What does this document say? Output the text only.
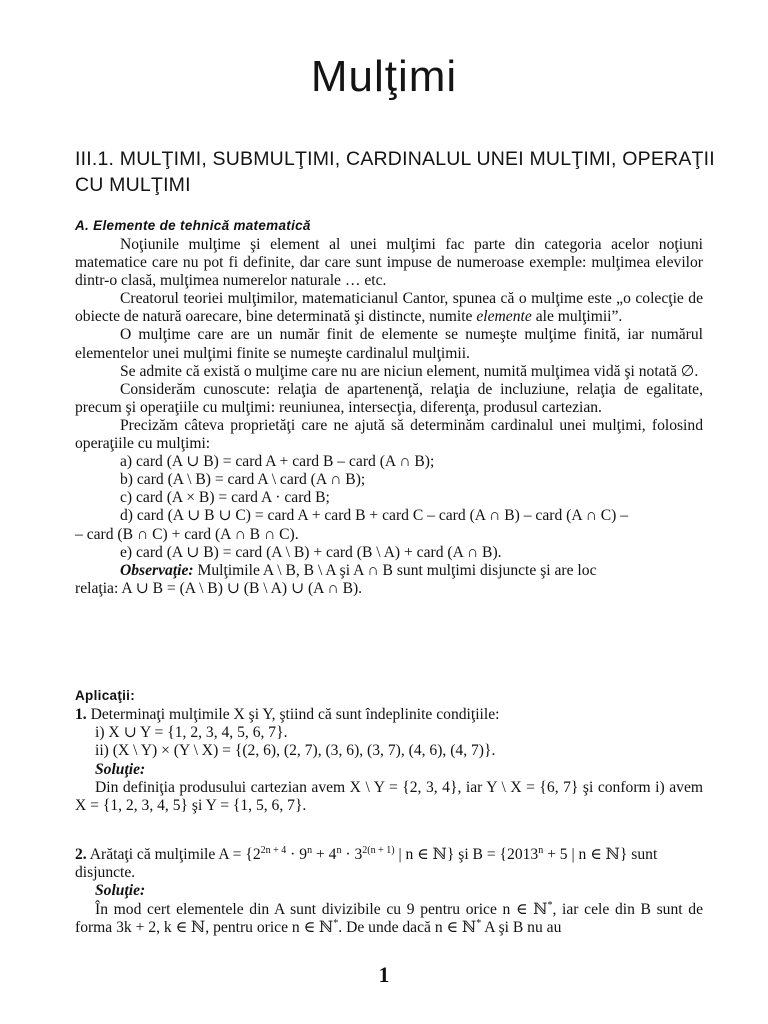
Mulţimi
III.1. MULŢIMI, SUBMULŢIMI, CARDINALUL UNEI MULŢIMI, OPERAŢII CU MULŢIMI
A. Elemente de tehnică matematică

Noţiunile mulţime şi element al unei mulţimi fac parte din categoria acelor noţiuni matematice care nu pot fi definite, dar care sunt impuse de numeroase exemple: mulţimea elevilor dintr-o clasă, mulţimea numerelor naturale … etc.

Creatorul teoriei mulţimilor, matematicianul Cantor, spunea că o mulţime este „o colecţie de obiecte de natură oarecare, bine determinată şi distincte, numite elemente ale mulţimii”.

O mulţime care are un număr finit de elemente se numeşte mulţime finită, iar numărul elementelor unei mulţimi finite se numeşte cardinalul mulţimii.

Se admite că există o mulţime care nu are niciun element, numită mulţimea vidă şi notată ∅.

Considerăm cunoscute: relaţia de apartenenţă, relaţia de incluziune, relaţia de egalitate, precum şi operaţiile cu mulţimi: reuniunea, intersecţia, diferenţa, produsul cartezian.

Precizăm câteva proprietăţi care ne ajută să determinăm cardinalul unei mulţimi, folosind operaţiile cu mulţimi:

a) card (A ∪ B) = card A + card B – card (A ∩ B);

b) card (A \ B) = card A \ card (A ∩ B);

c) card (A × B) = card A · card B;

d) card (A ∪ B ∪ C) = card A + card B + card C – card (A ∩ B) – card (A ∩ C) –

– card (B ∩ C) + card (A ∩ B ∩ C).

e) card (A ∪ B) = card (A \ B) + card (B \ A) + card (A ∩ B).

Observaţie: Mulţimile A \ B, B \ A şi A ∩ B sunt mulţimi disjuncte şi are loc

relaţia: A ∪ B = (A \ B) ∪ (B \ A) ∪ (A ∩ B).

Aplicaţii:

1. Determinaţi mulţimile X şi Y, ştiind că sunt îndeplinite condiţiile:

i) X ∪ Y = {1, 2, 3, 4, 5, 6, 7}.

ii) (X \ Y) × (Y \ X) = {(2, 6), (2, 7), (3, 6), (3, 7), (4, 6), (4, 7)}.

Soluţie:

Din definiţia produsului cartezian avem X \ Y = {2, 3, 4}, iar Y \ X = {6, 7} şi conform i) avem X = {1, 2, 3, 4, 5} şi Y = {1, 5, 6, 7}.

2. Arătaţi că mulţimile $A = \{2^{2n + 4} \cdot 9^n + 4^n \cdot 3^{2(n + 1)}$ | n ∈ ℕ} şi $B = \{2013^n + 5$ | n ∈ ℕ} sunt disjuncte.

Soluţie:

În mod cert elementele din A sunt divizibile cu 9 pentru orice n ∈ ℕ*, iar cele din B sunt de forma 3k + 2, k ∈ ℕ, pentru orice n ∈ ℕ*. De unde dacă n ∈ ℕ* A şi B nu au

1
